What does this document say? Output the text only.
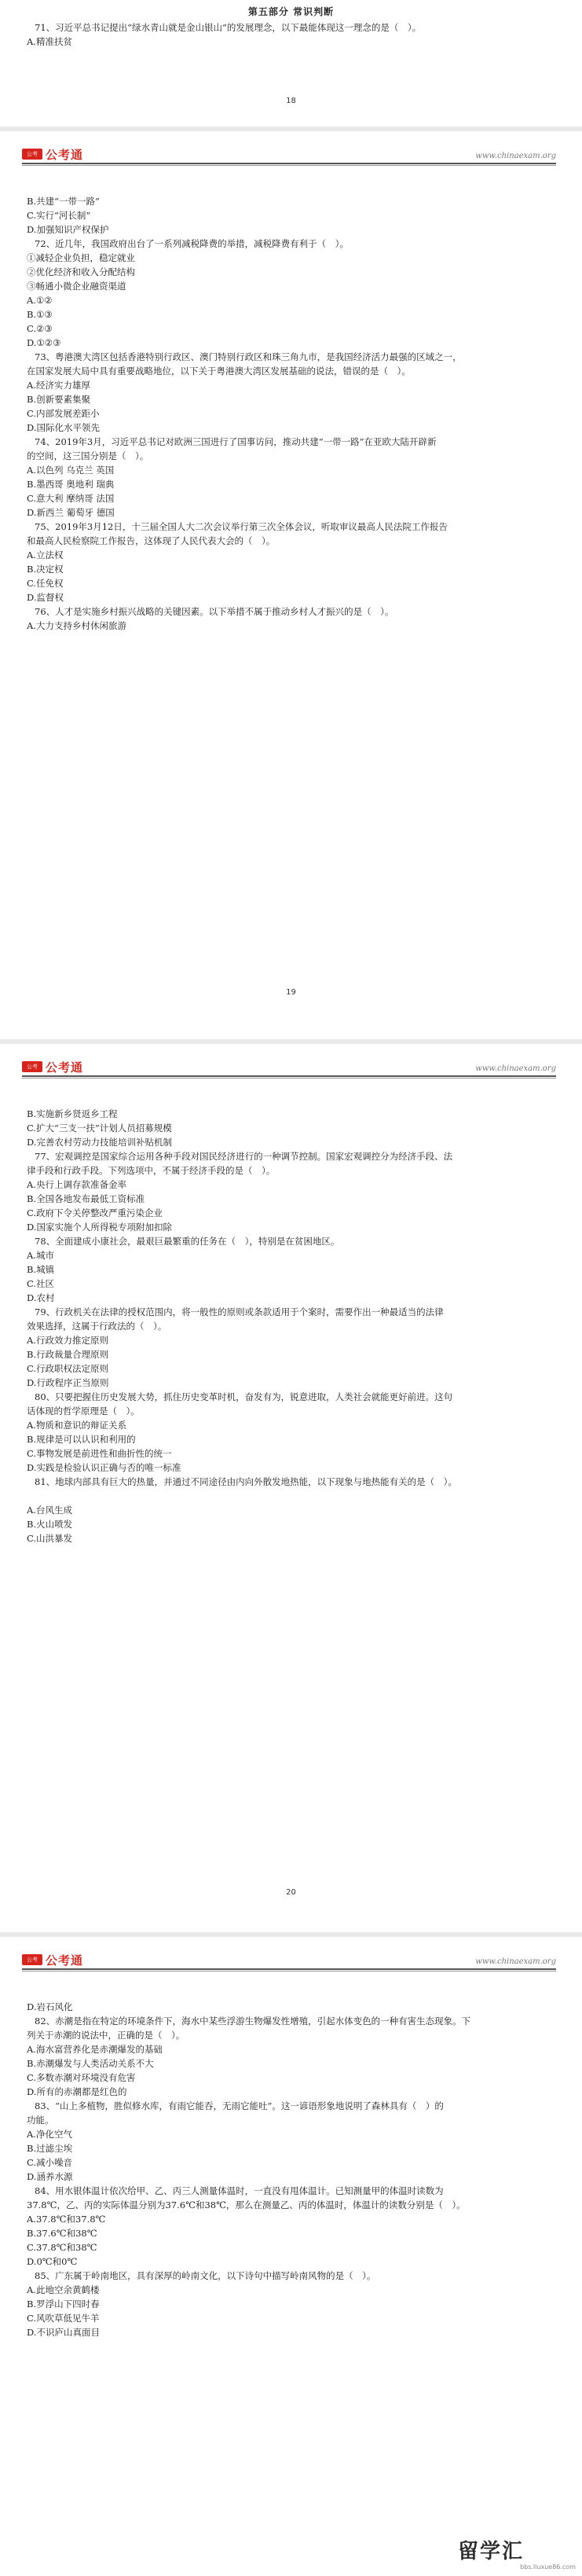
第五部分 常识判断
71、习近平总书记提出“绿水青山就是金山银山”的发展理念，以下最能体现这一理念的是（　）。
A.精准扶贫
18
公考 公考通	www.chinaexam.org
B.共建“一带一路”
C.实行“河长制”
D.加强知识产权保护
72、近几年，我国政府出台了一系列减税降费的举措，减税降费有利于（　）。
①减轻企业负担，稳定就业
②优化经济和收入分配结构
③畅通小微企业融资渠道
A.①②
B.①③
C.②③
D.①②③
73、粤港澳大湾区包括香港特别行政区、澳门特别行政区和珠三角九市，是我国经济活力最强的区域之一，
在国家发展大局中具有重要战略地位，以下关于粤港澳大湾区发展基础的说法，错误的是（　）。
A.经济实力雄厚
B.创新要素集聚
C.内部发展差距小
D.国际化水平领先
74、2019年3月，习近平总书记对欧洲三国进行了国事访问，推动共建“一带一路”在亚欧大陆开辟新
的空间，这三国分别是（　）。
A.以色列 乌克兰 英国
B.墨西哥 奥地利 瑞典
C.意大利 摩纳哥 法国
D.新西兰 葡萄牙 德国
75、2019年3月12日，十三届全国人大二次会议举行第三次全体会议，听取审议最高人民法院工作报告
和最高人民检察院工作报告，这体现了人民代表大会的（　）。
A.立法权
B.决定权
C.任免权
D.监督权
76、人才是实施乡村振兴战略的关键因素。以下举措不属于推动乡村人才振兴的是（　）。
A.大力支持乡村休闲旅游
19
公考 公考通	www.chinaexam.org
B.实施新乡贤返乡工程
C.扩大“三支一扶”计划人员招募规模
D.完善农村劳动力技能培训补贴机制
77、宏观调控是国家综合运用各种手段对国民经济进行的一种调节控制。国家宏观调控分为经济手段、法
律手段和行政手段。下列选项中，不属于经济手段的是（　）。
A.央行上调存款准备金率
B.全国各地发布最低工资标准
C.政府下令关停整改严重污染企业
D.国家实施个人所得税专项附加扣除
78、全面建成小康社会，最艰巨最繁重的任务在（　），特别是在贫困地区。
A.城市
B.城镇
C.社区
D.农村
79、行政机关在法律的授权范围内，将一般性的原则或条款适用于个案时，需要作出一种最适当的法律
效果选择，这属于行政法的（　）。
A.行政效力推定原则
B.行政裁量合理原则
C.行政职权法定原则
D.行政程序正当原则
80、只要把握住历史发展大势，抓住历史变革时机，奋发有为，锐意进取，人类社会就能更好前进。这句
话体现的哲学原理是（　）。
A.物质和意识的辩证关系
B.规律是可以认识和利用的
C.事物发展是前进性和曲折性的统一
D.实践是检验认识正确与否的唯一标准
81、地球内部具有巨大的热量，并通过不同途径由内向外散发地热能，以下现象与地热能有关的是（　）。
A.台风生成
B.火山喷发
C.山洪暴发
20
公考 公考通	www.chinaexam.org
D.岩石风化
82、赤潮是指在特定的环境条件下，海水中某些浮游生物爆发性增殖，引起水体变色的一种有害生态现象。下
列关于赤潮的说法中，正确的是（　）。
A.海水富营养化是赤潮爆发的基础
B.赤潮爆发与人类活动关系不大
C.多数赤潮对环境没有危害
D.所有的赤潮都是红色的
83、“山上多植物，胜似修水库，有雨它能吞，无雨它能吐”。这一谚语形象地说明了森林具有（　）的
功能。
A.净化空气
B.过滤尘埃
C.减小噪音
D.涵养水源
84、用水银体温计依次给甲、乙、丙三人测量体温时，一直没有甩体温计。已知测量甲的体温时读数为
37.8℃，乙、丙的实际体温分别为37.6℃和38℃，那么在测量乙、丙的体温时，体温计的读数分别是（　）。
A.37.8℃和37.8℃
B.37.6℃和38℃
C.37.8℃和38℃
D.0℃和0℃
85、广东属于岭南地区，具有深厚的岭南文化，以下诗句中描写岭南风物的是（　）。
A.此地空余黄鹤楼
B.罗浮山下四时春
C.风吹草低见牛羊
D.不识庐山真面目
留学汇
bbs.liuxue86.com
